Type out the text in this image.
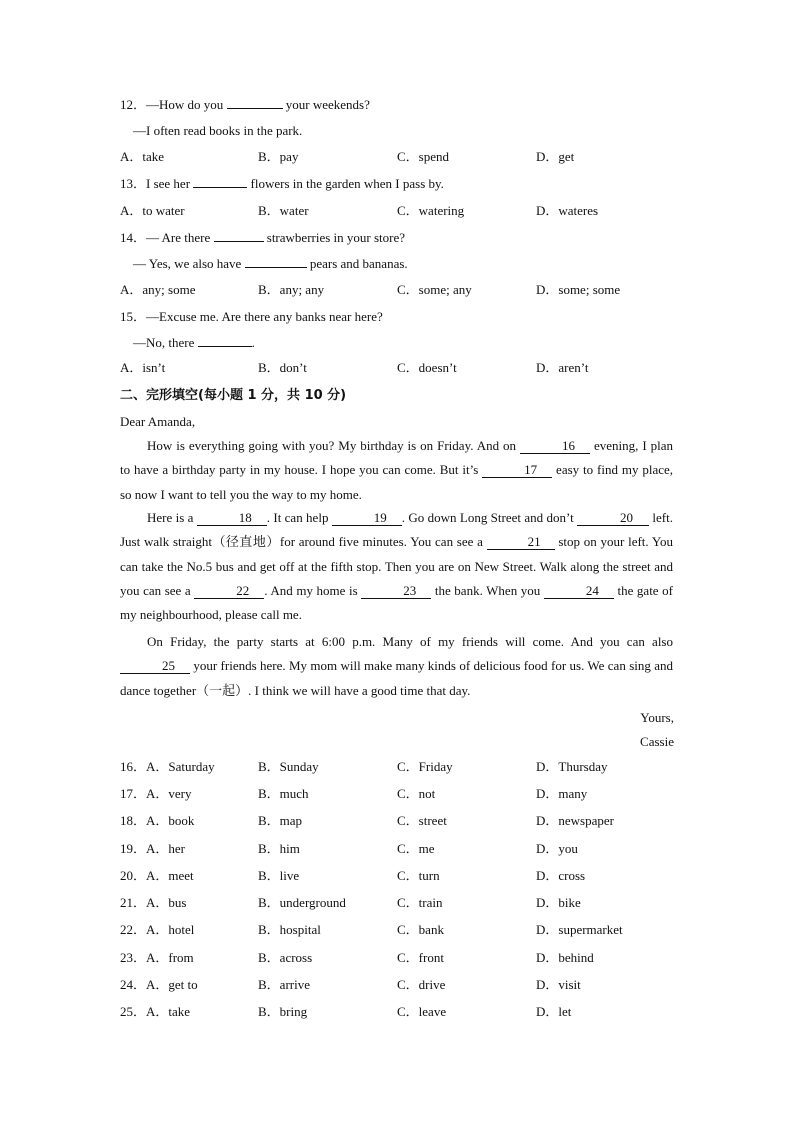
12．—How do you	your weekends?
—I often read books in the park.
A．take	B．pay	C．spend	D．get
13．I see her	flowers in the garden when I pass by.
A．to water	B．water	C．watering	D．wateres
14．— Are there	strawberries in your store?
— Yes, we also have	pears and bananas.
A．any; some	B．any; any	C．some; any	D．some; some
15．—Excuse me. Are there any banks near here?
—No, there	.
A．isn’t	B．don’t	C．doesn’t	D．aren’t
二、完形填空(每小题 1 分，共 10 分)
Dear Amanda,
How is everything going with you? My birthday is on Friday. And on	16 evening, I plan to have a birthday party in my house. I hope you can come. But it’s	17 easy to find my place, so now I want to tell you the way to my home.
Here is a	18 . It can help	19 . Go down Long Street and don’t	20 left. Just walk straight（径直地）for around five minutes. You can see a	21 stop on your left. You can take the No.5 bus and get off at the fifth stop. Then you are on New Street. Walk along the street and you can see a	22 . And my home is	23 the bank. When you	24 the gate of my neighbourhood, please call me.
On Friday, the party starts at 6:00 p.m. Many of my friends will come. And you can also 25 your friends here. My mom will make many kinds of delicious food for us. We can sing and dance together（一起）. I think we will have a good time that day.
Yours,
Cassie
16．A．Saturday	B．Sunday	C．Friday	D．Thursday
17．A．very	B．much	C．not	D．many
18．A．book	B．map	C．street	D．newspaper
19．A．her	B．him	C．me	D．you
20．A．meet	B．live	C．turn	D．cross
21．A．bus	B．underground	C．train	D．bike
22．A．hotel	B．hospital	C．bank	D．supermarket
23．A．from	B．across	C．front	D．behind
24．A．get to	B．arrive	C．drive	D．visit
25．A．take	B．bring	C．leave	D．let
